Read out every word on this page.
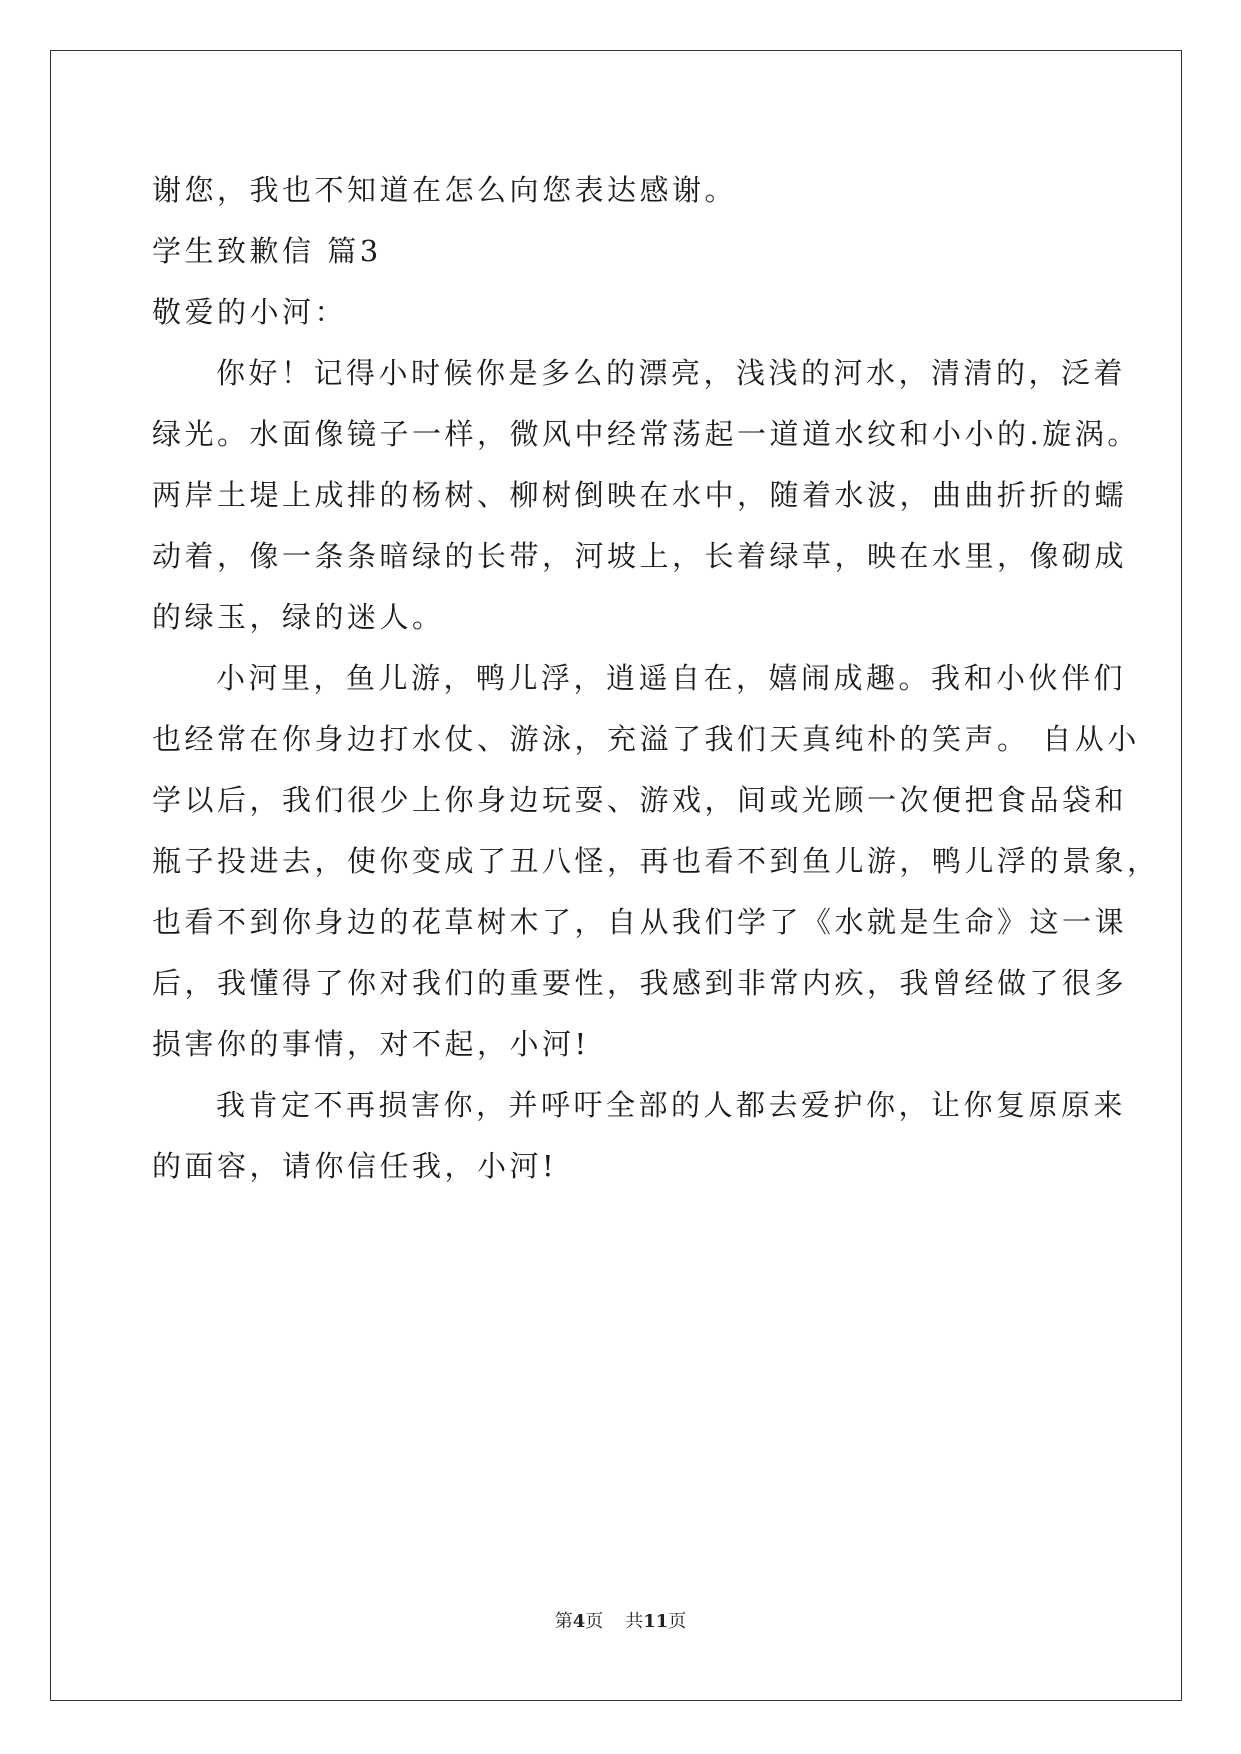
谢您，我也不知道在怎么向您表达感谢。

学生致歉信 篇3

敬爱的小河：

你好！记得小时候你是多么的漂亮，浅浅的河水，清清的，泛着

绿光。水面像镜子一样，微风中经常荡起一道道水纹和小小的.旋涡。

两岸土堤上成排的杨树、柳树倒映在水中，随着水波，曲曲折折的蠕

动着，像一条条暗绿的长带，河坡上，长着绿草，映在水里，像砌成

的绿玉，绿的迷人。

小河里，鱼儿游，鸭儿浮，逍遥自在，嬉闹成趣。我和小伙伴们

也经常在你身边打水仗、游泳，充溢了我们天真纯朴的笑声。 自从小

学以后，我们很少上你身边玩耍、游戏，间或光顾一次便把食品袋和

瓶子投进去，使你变成了丑八怪，再也看不到鱼儿游，鸭儿浮的景象，

也看不到你身边的花草树木了，自从我们学了《水就是生命》这一课

后，我懂得了你对我们的重要性，我感到非常内疚，我曾经做了很多

损害你的事情，对不起，小河!

我肯定不再损害你，并呼吁全部的人都去爱护你，让你复原原来

的面容，请你信任我，小河!

第4页 共11页
